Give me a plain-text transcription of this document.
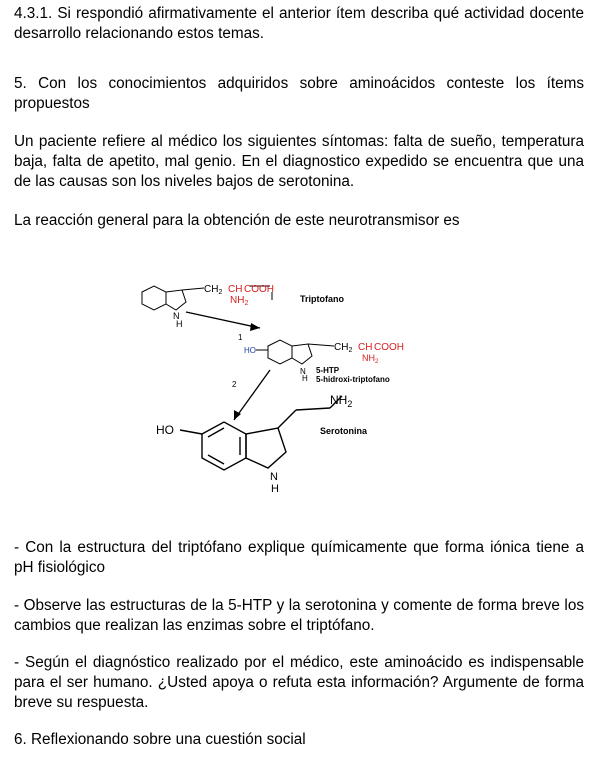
4.3.1. Si respondió afirmativamente el anterior ítem describa qué actividad docente desarrollo relacionando estos temas.

5. Con los conocimientos adquiridos sobre aminoácidos conteste los ítems propuestos

Un paciente refiere al médico los siguientes síntomas: falta de sueño, temperatura baja, falta de apetito, mal genio. En el diagnostico expedido se encuentra que una de las causas son los niveles bajos de serotonina.

La reacción general para la obtención de este neurotransmisor es

$CH_2$ CH COOH
$NH_2$
N
H
Triptofano
1
HO	$CH_2$ CH COOH
$NH_2$
N
H
5-HTP
5-hidroxi-triptofano
2
HO
$NH_2$
N
H
Serotonina

- Con la estructura del triptófano explique químicamente que forma iónica tiene a pH fisiológico

- Observe las estructuras de la 5-HTP y la serotonina y comente de forma breve los cambios que realizan las enzimas sobre el triptófano.

- Según el diagnóstico realizado por el médico, este aminoácido es indispensable para el ser humano. ¿Usted apoya o refuta esta información? Argumente de forma breve su respuesta.

6. Reflexionando sobre una cuestión social
